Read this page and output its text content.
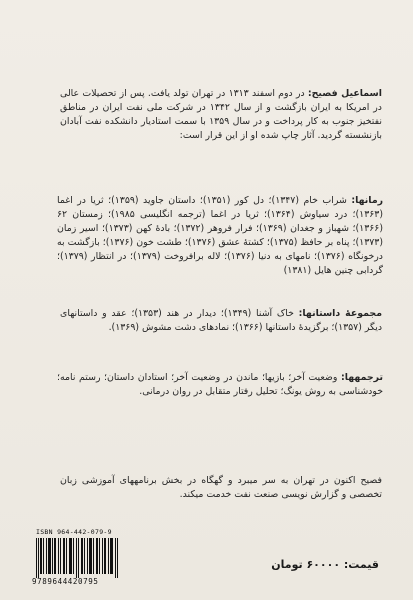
اسماعیل فصیح: در دوم اسفند ۱۳۱۳ در تهران تولد یافت. پس از تحصیلات عالی در امریکا به ایران بازگشت و از سال ۱۳۴۲ در شرکت ملی نفت ایران در مناطق نفتخیز جنوب به کار پرداخت و در سال ۱۳۵۹ با سمت استادیار دانشکده نفت آبادان بازنشسته گردید. آثار چاپ شده او از این قرار است:

رمانها: شراب خام (۱۳۴۷)؛ دل کور (۱۳۵۱)؛ داستان جاوید (۱۳۵۹)؛ ثریا در اغما (۱۳۶۳)؛ درد سیاوش (۱۳۶۴)؛ ثریا در اغما (ترجمه انگلیسی ۱۹۸۵)؛ زمستان ۶۲ (۱۳۶۶)؛ شهباز و جغدان (۱۳۶۹)؛ فرار فروهر (۱۳۷۲)؛ بادهٔ کهن (۱۳۷۳)؛ اسیر زمان (۱۳۷۳)؛ پناه بر حافظ (۱۳۷۵)؛ کشتهٔ عشق (۱۳۷۶)؛ طشت خون (۱۳۷۶)؛ بازگشت به درخونگاه (۱۳۷۶)؛ نامهای به دنیا (۱۳۷۶)؛ لاله برافروخت (۱۳۷۹)؛ در انتظار (۱۳۷۹)؛ گردابی چنین هایل (۱۳۸۱)

مجموعهٔ داستانها: خاک آشنا (۱۳۴۹)؛ دیدار در هند (۱۳۵۳)؛ عقد و داستانهای دیگر (۱۳۵۷)؛ برگزیدهٔ داستانها (۱۳۶۶)؛ نمادهای دشت مشوش (۱۳۶۹).

ترجمهها: وضعیت آخر؛ بازیها؛ ماندن در وضعیت آخر؛ استادان داستان؛ رستم نامه؛ خودشناسی به روش یونگ؛ تحلیل رفتار متقابل در روان درمانی.

فصیح اکنون در تهران به سر میبرد و گهگاه در بخش برنامههای آموزشی زبان تخصصی و گزارش نویسی صنعت نفت خدمت میکند.

ISBN 964-442-079-9
9789644420795
قیمت: ۶۰۰۰۰ تومان
